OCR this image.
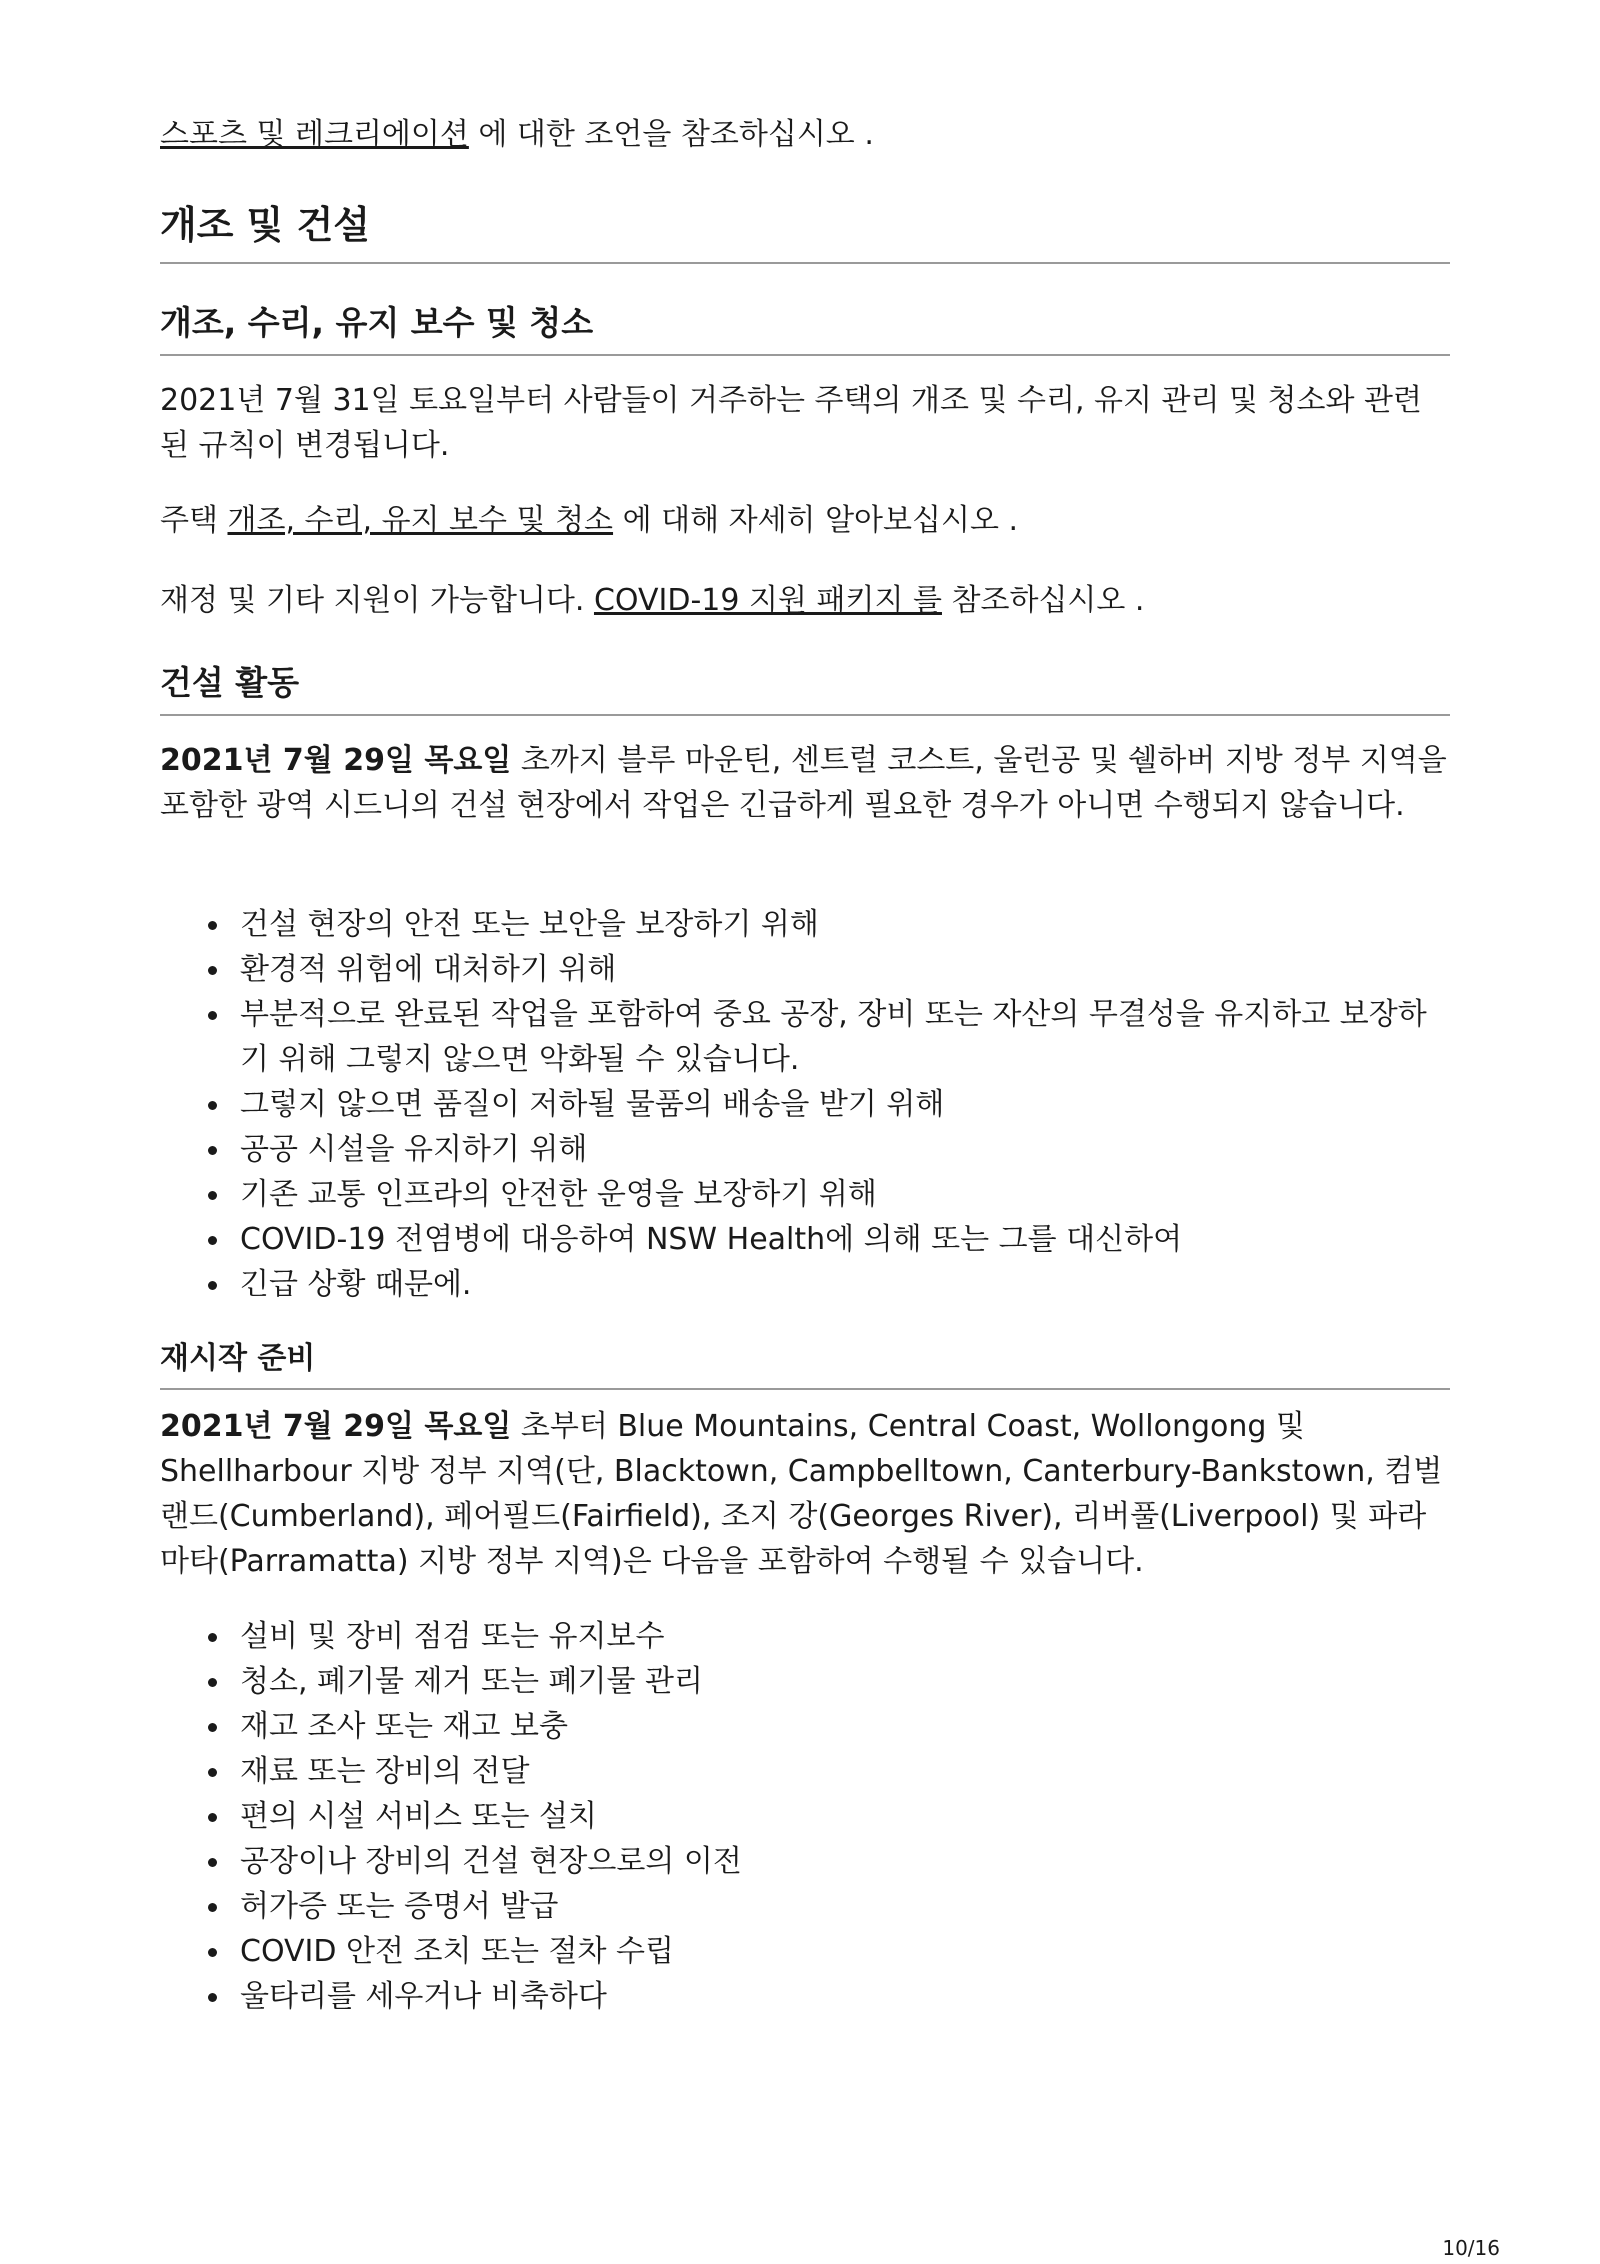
스포츠 및 레크리에이션 에 대한 조언을 참조하십시오 .

개조 및 건설
개조, 수리, 유지 보수 및 청소

2021년 7월 31일 토요일부터 사람들이 거주하는 주택의 개조 및 수리, 유지 관리 및 청소와 관련된 규칙이 변경됩니다.

주택 개조, 수리, 유지 보수 및 청소 에 대해 자세히 알아보십시오 .

재정 및 기타 지원이 가능합니다. COVID-19 지원 패키지 를 참조하십시오 .

건설 활동

2021년 7월 29일 목요일 초까지 블루 마운틴, 센트럴 코스트, 울런공 및 쉘하버 지방 정부 지역을 포함한 광역 시드니의 건설 현장에서 작업은 긴급하게 필요한 경우가 아니면 수행되지 않습니다.

건설 현장의 안전 또는 보안을 보장하기 위해
환경적 위험에 대처하기 위해
부분적으로 완료된 작업을 포함하여 중요 공장, 장비 또는 자산의 무결성을 유지하고 보장하기 위해 그렇지 않으면 악화될 수 있습니다.
그렇지 않으면 품질이 저하될 물품의 배송을 받기 위해
공공 시설을 유지하기 위해
기존 교통 인프라의 안전한 운영을 보장하기 위해
COVID-19 전염병에 대응하여 NSW Health에 의해 또는 그를 대신하여
긴급 상황 때문에.
재시작 준비

2021년 7월 29일 목요일 초부터 Blue Mountains, Central Coast, Wollongong 및 Shellharbour 지방 정부 지역(단, Blacktown, Campbelltown, Canterbury-Bankstown, 컴벌랜드(Cumberland), 페어필드(Fairfield), 조지 강(Georges River), 리버풀(Liverpool) 및 파라마타(Parramatta) 지방 정부 지역)은 다음을 포함하여 수행될 수 있습니다.

설비 및 장비 점검 또는 유지보수
청소, 폐기물 제거 또는 폐기물 관리
재고 조사 또는 재고 보충
재료 또는 장비의 전달
편의 시설 서비스 또는 설치
공장이나 장비의 건설 현장으로의 이전
허가증 또는 증명서 발급
COVID 안전 조치 또는 절차 수립
울타리를 세우거나 비축하다
10/16
